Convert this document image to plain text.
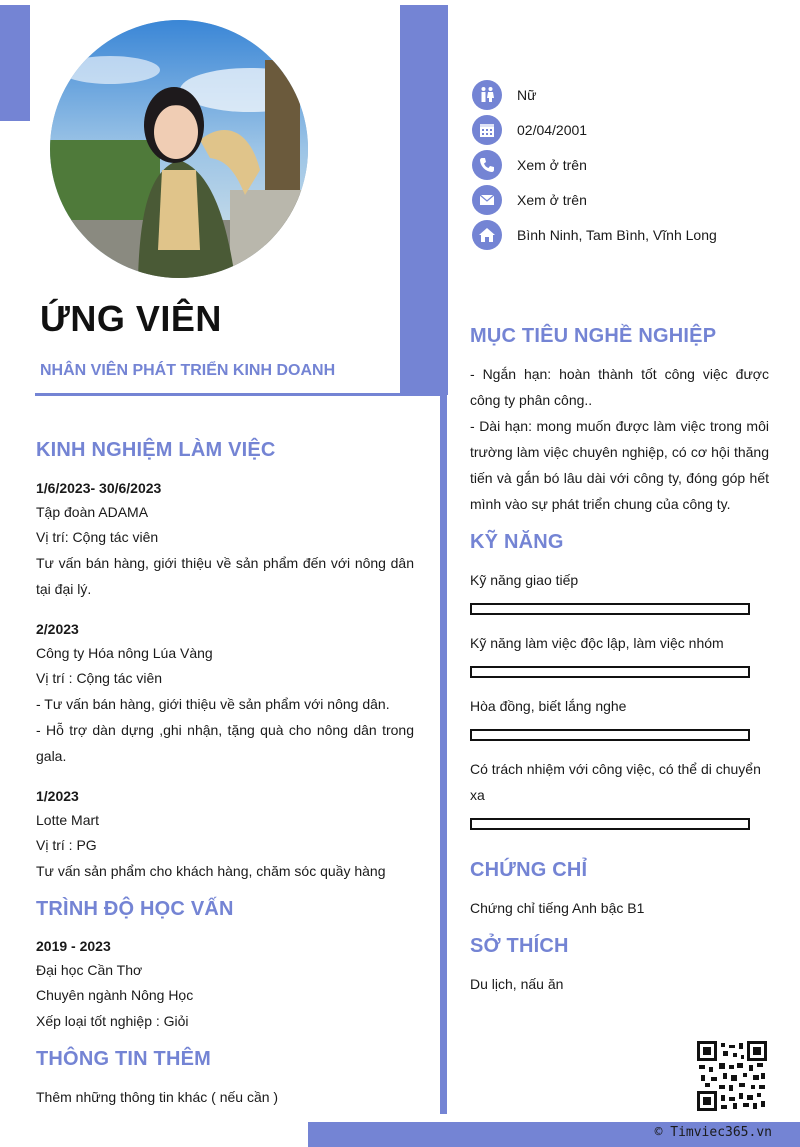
ỨNG VIÊN
NHÂN VIÊN PHÁT TRIỂN KINH DOANH
Nữ
02/04/2001
Xem ở trên
Xem ở trên
Bình Ninh, Tam Bình, Vĩnh Long
KINH NGHIỆM LÀM VIỆC
1/6/2023- 30/6/2023
Tập đoàn ADAMA
Vị trí: Cộng tác viên
Tư vấn bán hàng, giới thiệu về sản phẩm đến với nông dân tại đại lý.
2/2023
Công ty Hóa nông Lúa Vàng
Vị trí : Cộng tác viên
- Tư vấn bán hàng, giới thiệu về sản phẩm với nông dân.
- Hỗ trợ dàn dựng ,ghi nhận, tặng quà cho nông dân trong gala.
1/2023
Lotte Mart
Vị trí : PG
Tư vấn sản phẩm cho khách hàng, chăm sóc quầy hàng
TRÌNH ĐỘ HỌC VẤN
2019 - 2023
Đại học Cần Thơ
Chuyên ngành Nông Học
Xếp loại tốt nghiệp : Giỏi
THÔNG TIN THÊM
Thêm những thông tin khác ( nếu cần )
MỤC TIÊU NGHỀ NGHIỆP
- Ngắn hạn: hoàn thành tốt công việc được công ty phân công..
- Dài hạn: mong muốn được làm việc trong môi trường làm việc chuyên nghiệp, có cơ hội thăng tiến và gắn bó lâu dài với công ty, đóng góp hết mình vào sự phát triển chung của công ty.
KỸ NĂNG
Kỹ năng giao tiếp
Kỹ năng làm việc độc lập, làm việc nhóm
Hòa đồng, biết lắng nghe
Có trách nhiệm với công việc, có thể di chuyển xa
CHỨNG CHỈ
Chứng chỉ tiếng Anh bậc B1
SỞ THÍCH
Du lịch, nấu ăn
© Timviec365.vn
